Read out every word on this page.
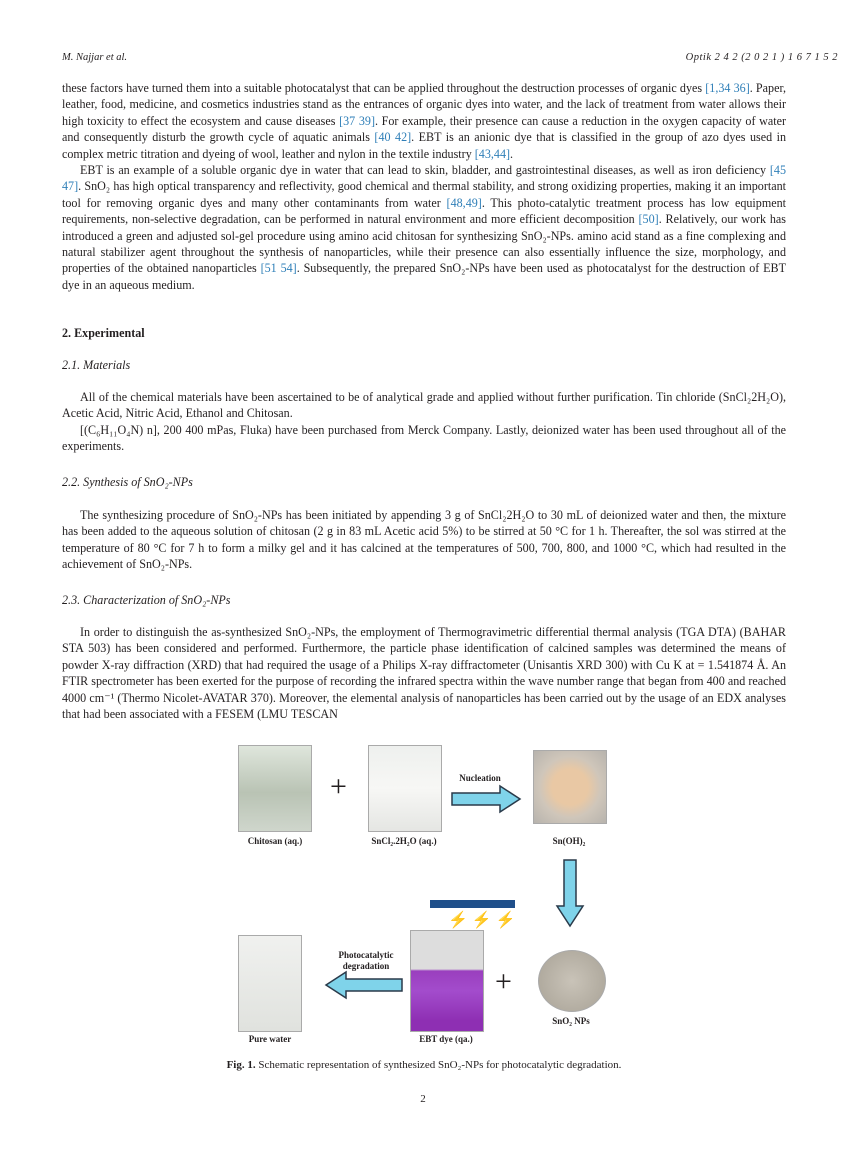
M. Najjar et al.	Optik 2 4 2 (2 0 2 1 ) 1 6 7 1 5 2

these factors have turned them into a suitable photocatalyst that can be applied throughout the destruction processes of organic dyes [1,34 36]. Paper, leather, food, medicine, and cosmetics industries stand as the entrances of organic dyes into water, and the lack of treatment from water allows their high toxicity to effect the ecosystem and cause diseases [37 39]. For example, their presence can cause a reduction in the oxygen capacity of water and consequently disturb the growth cycle of aquatic animals [40 42]. EBT is an anionic dye that is classified in the group of azo dyes used in complex metric titration and dyeing of wool, leather and nylon in the textile industry [43,44].

EBT is an example of a soluble organic dye in water that can lead to skin, bladder, and gastrointestinal diseases, as well as iron deficiency [45 47]. SnO₂ has high optical transparency and reflectivity, good chemical and thermal stability, and strong oxidizing properties, making it an important tool for removing organic dyes and many other contaminants from water [48,49]. This photo-catalytic treatment process has low equipment requirements, non-selective degradation, can be performed in natural environment and more efficient decomposition [50]. Relatively, our work has introduced a green and adjusted sol-gel procedure using amino acid chitosan for synthesizing SnO₂-NPs. amino acid stand as a fine complexing and natural stabilizer agent throughout the synthesis of nanoparticles, while their presence can also essentially influence the size, morphology, and properties of the obtained nanoparticles [51 54]. Subsequently, the prepared SnO₂-NPs have been used as photocatalyst for the destruction of EBT dye in an aqueous medium.

2. Experimental
2.1. Materials

All of the chemical materials have been ascertained to be of analytical grade and applied without further purification. Tin chloride (SnCl₂2H₂O), Acetic Acid, Nitric Acid, Ethanol and Chitosan.

[(C₆H₁₁O₄N) n], 200 400 mPas, Fluka) have been purchased from Merck Company. Lastly, deionized water has been used throughout all of the experiments.

2.2. Synthesis of SnO₂-NPs

The synthesizing procedure of SnO₂-NPs has been initiated by appending 3 g of SnCl₂2H₂O to 30 mL of deionized water and then, the mixture has been added to the aqueous solution of chitosan (2 g in 83 mL Acetic acid 5%) to be stirred at 50 °C for 1 h. Thereafter, the sol was stirred at the temperature of 80 °C for 7 h to form a milky gel and it has calcined at the temperatures of 500, 700, 800, and 1000 °C, which had resulted in the achievement of SnO₂-NPs.

2.3. Characterization of SnO₂-NPs

In order to distinguish the as-synthesized SnO₂-NPs, the employment of Thermogravimetric differential thermal analysis (TGA DTA) (BAHAR STA 503) has been considered and performed. Furthermore, the particle phase identification of calcined samples was determined the means of powder X-ray diffraction (XRD) that had required the usage of a Philips X-ray diffractometer (Unisantis XRD 300) with Cu K at = 1.541874 Å. An FTIR spectrometer has been exerted for the purpose of recording the infrared spectra within the wave number range that began from 400 and reached 4000 cm⁻¹ (Thermo Nicolet-AVATAR 370). Moreover, the elemental analysis of nanoparticles has been carried out by the usage of an EDX analyses that had been associated with a FESEM (LMU TESCAN

Chitosan (aq.)
+
SnCl₂.2H₂O (aq.)
Nucleation
Sn(OH)₂
⚡⚡⚡
Pure water
Photocatalytic
degradation
EBT dye (qa.)
+
SnO₂ NPs
Fig. 1. Schematic representation of synthesized SnO₂-NPs for photocatalytic degradation.
2
